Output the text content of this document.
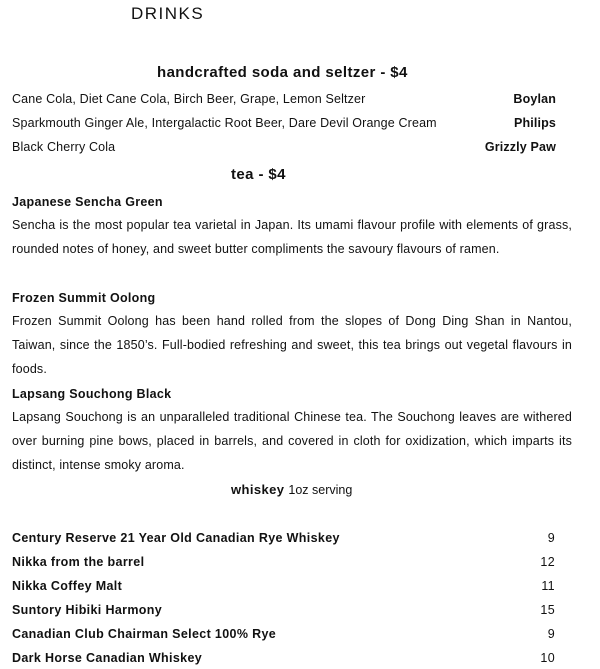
DRINKS
handcrafted soda and seltzer - $4
Cane Cola, Diet Cane Cola, Birch Beer, Grape, Lemon Seltzer	Boylan
Sparkmouth Ginger Ale, Intergalactic Root Beer, Dare Devil Orange Cream	Philips
Black Cherry Cola	Grizzly Paw
tea - $4
Japanese Sencha Green
Sencha is the most popular tea varietal in Japan. Its umami flavour profile with elements of grass, rounded notes of honey, and sweet butter compliments the savoury flavours of ramen.
Frozen Summit Oolong
Frozen Summit Oolong has been hand rolled from the slopes of Dong Ding Shan in Nantou, Taiwan, since the 1850’s. Full-bodied refreshing and sweet, this tea brings out vegetal flavours in foods.
Lapsang Souchong Black
Lapsang Souchong is an unparalleled traditional Chinese tea. The Souchong leaves are withered over burning pine bows, placed in barrels, and covered in cloth for oxidization, which imparts its distinct, intense smoky aroma.
whiskey 1oz serving
Century Reserve 21 Year Old Canadian Rye Whiskey	9
Nikka from the barrel	12
Nikka Coffey Malt	11
Suntory Hibiki Harmony	15
Canadian Club Chairman Select 100% Rye	9
Dark Horse Canadian Whiskey	10
